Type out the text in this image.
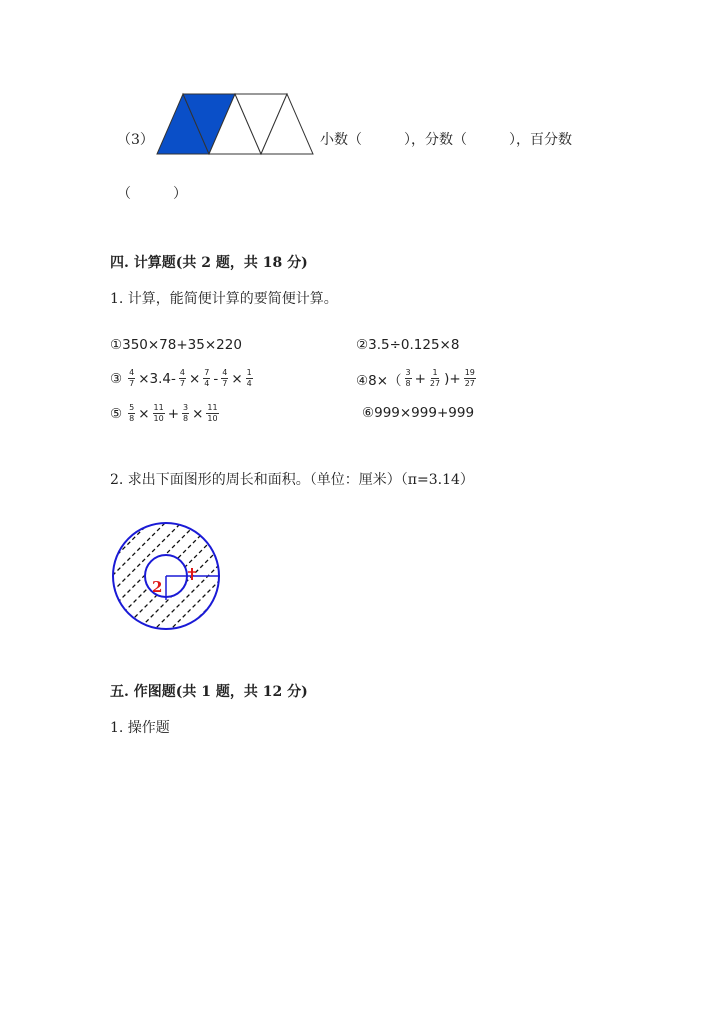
（3）	小数（　　　），分数（　　　），百分数
（　　　）
四. 计算题(共 2 题，共 18 分)
1. 计算，能简便计算的要简便计算。
①350×78+35×220	②3.5÷0.125×8
③ $\frac{4}{7} \times 3.4- \frac{4}{7} \times \frac{7}{4} - \frac{4}{7} \times \frac{1}{4}$	④8×（ $\frac{3}{8} + \frac{1}{27}$ )+ $\frac{19}{27}$
⑤ $\frac{5}{8} \times \frac{11}{10} + \frac{3}{8} \times \frac{11}{10}$	⑥999×999+999
2. 求出下面图形的周长和面积。（单位：厘米）（π=3.14）
2
五. 作图题(共 1 题，共 12 分)
1. 操作题
